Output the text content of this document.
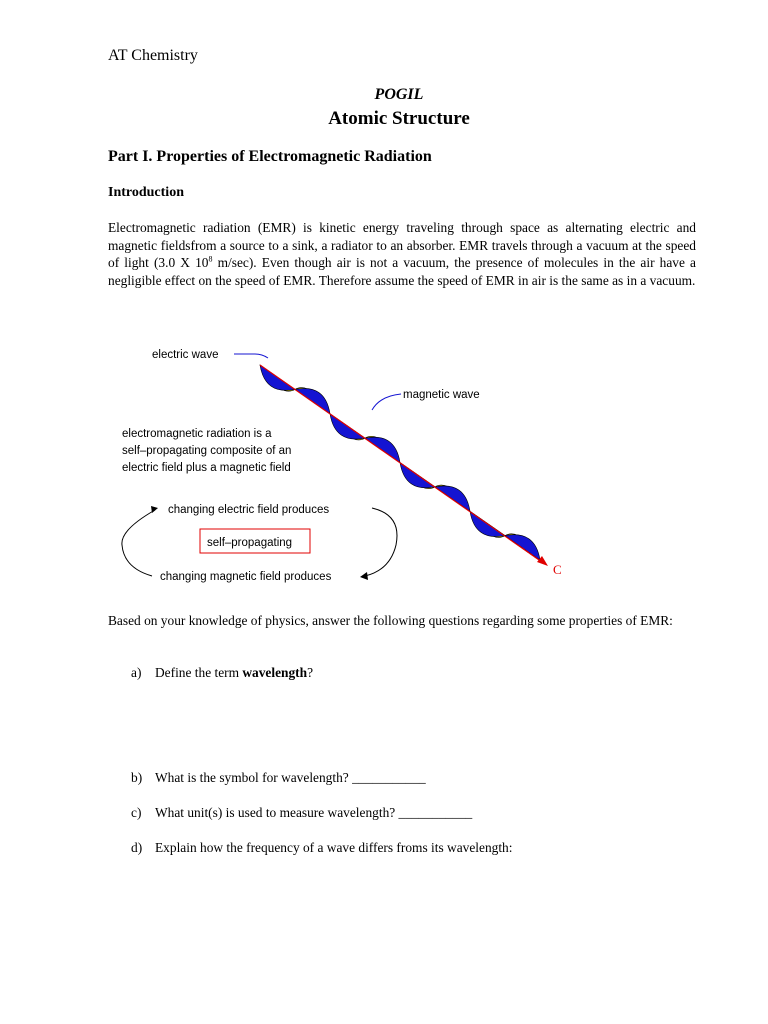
AT Chemistry
POGIL
Atomic Structure
Part I. Properties of Electromagnetic Radiation
Introduction
Electromagnetic radiation (EMR) is kinetic energy traveling through space as alternating electric and magnetic fieldsfrom a source to a sink, a radiator to an absorber. EMR travels through a vacuum at the speed of light (3.0 X $10^8$ m/sec). Even though air is not a vacuum, the presence of molecules in the air have a negligible effect on the speed of EMR. Therefore assume the speed of EMR in air is the same as in a vacuum.
C
electric wave
magnetic wave
electromagnetic radiation is a
self–propagating composite of an
electric field plus a magnetic field
changing electric field produces
self–propagating
changing magnetic field produces
Based on your knowledge of physics, answer the following questions regarding some properties of EMR:
a) Define the term wavelength?
b) What is the symbol for wavelength? ___________
c) What unit(s) is used to measure wavelength? ___________
d) Explain how the frequency of a wave differs froms its wavelength:
